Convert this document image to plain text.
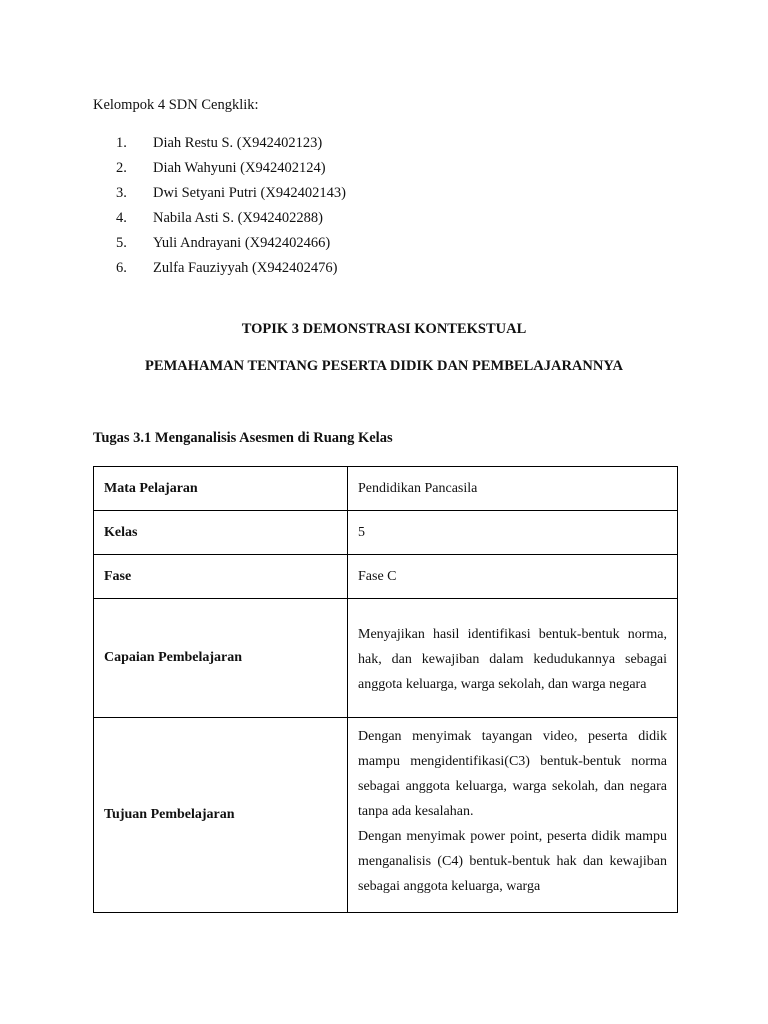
Kelompok 4 SDN Cengklik:
1.	Diah Restu S. (X942402123)
2.	Diah Wahyuni (X942402124)
3.	Dwi Setyani Putri (X942402143)
4.	Nabila Asti S. (X942402288)
5.	Yuli Andrayani (X942402466)
6.	Zulfa Fauziyyah (X942402476)
TOPIK 3 DEMONSTRASI KONTEKSTUAL
PEMAHAMAN TENTANG PESERTA DIDIK DAN PEMBELAJARANNYA
Tugas 3.1 Menganalisis Asesmen di Ruang Kelas
Mata Pelajaran	Pendidikan Pancasila
Kelas	5
Fase	Fase C
Capaian Pembelajaran	Menyajikan hasil identifikasi bentuk-bentuk norma, hak, dan kewajiban dalam kedudukannya sebagai anggota keluarga, warga sekolah, dan warga negara

Tujuan Pembelajaran	Dengan menyimak tayangan video, peserta didik mampu mengidentifikasi(C3) bentuk-bentuk norma sebagai anggota keluarga, warga sekolah, dan negara tanpa ada kesalahan.

Dengan menyimak power point, peserta didik mampu menganalisis (C4) bentuk-bentuk hak dan kewajiban sebagai anggota keluarga, warga
